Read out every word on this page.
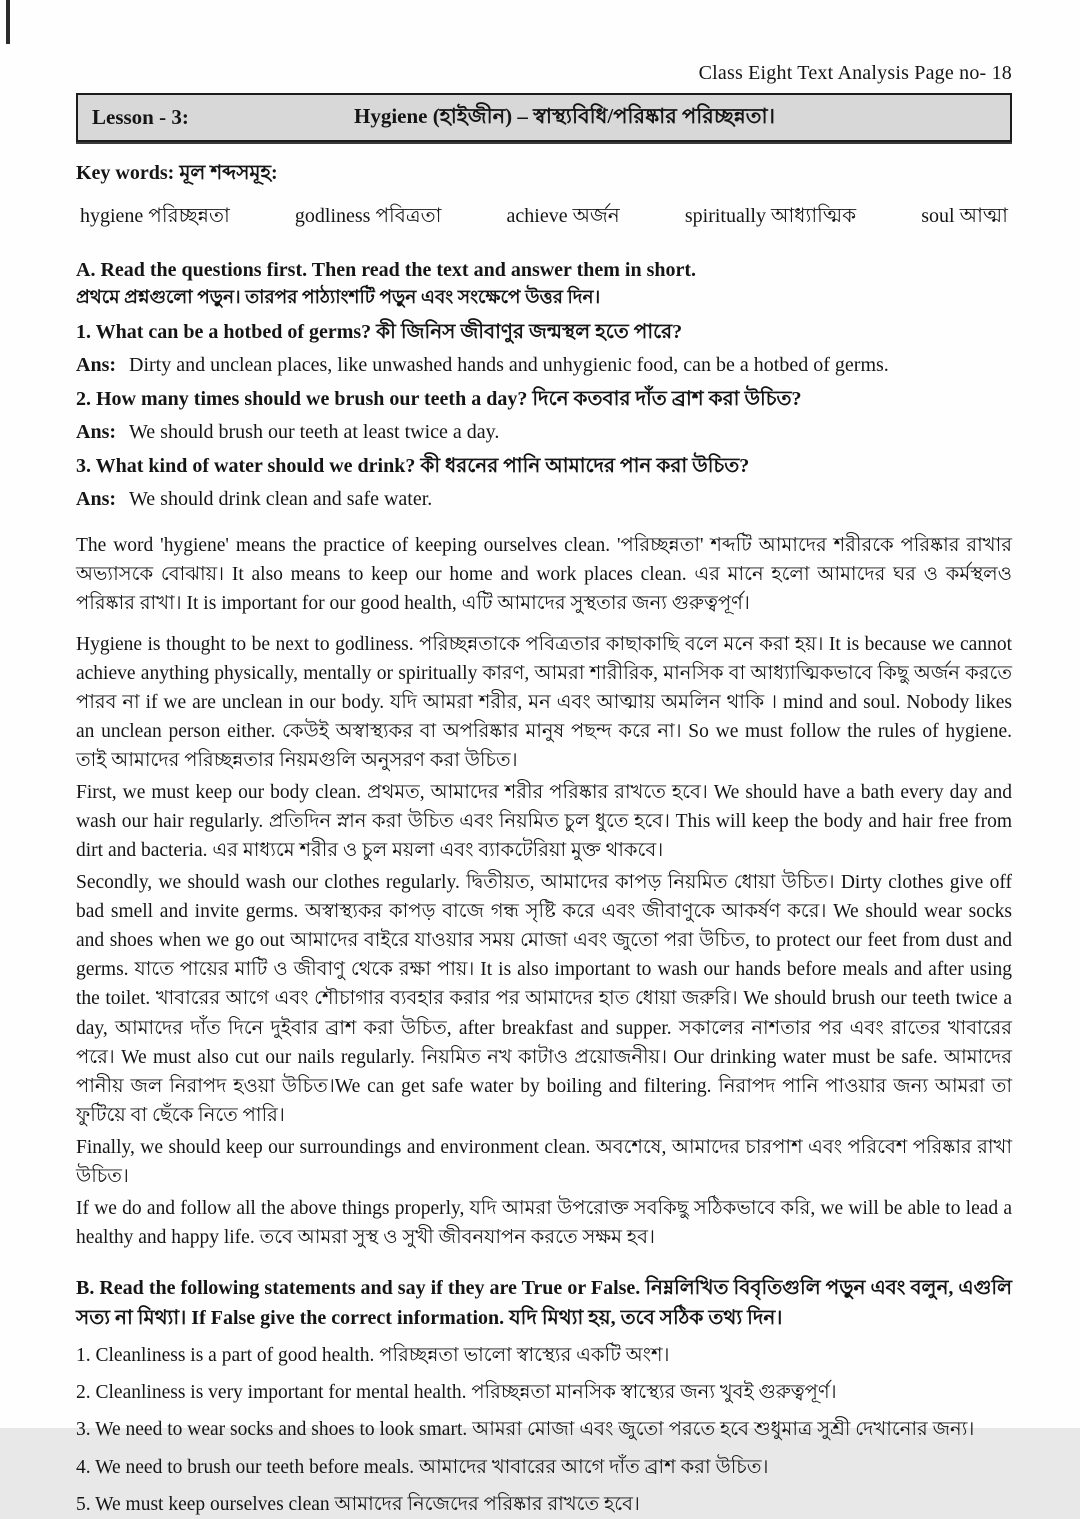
Class Eight Text Analysis Page no- 18
Lesson - 3:	Hygiene (হাইজীন) – স্বাস্থ্যবিধি/পরিষ্কার পরিচ্ছন্নতা।
Key words: মূল শব্দসমূহ:
hygiene পরিচ্ছন্নতা	godliness পবিত্রতা	achieve অর্জন	spiritually আধ্যাত্মিক	soul আত্মা
A. Read the questions first. Then read the text and answer them in short.
প্রথমে প্রশ্নগুলো পড়ুন। তারপর পাঠ্যাংশটি পড়ুন এবং সংক্ষেপে উত্তর দিন।
1. What can be a hotbed of germs? কী জিনিস জীবাণুর জন্মস্থল হতে পারে?
Ans: Dirty and unclean places, like unwashed hands and unhygienic food, can be a hotbed of germs.
2. How many times should we brush our teeth a day? দিনে কতবার দাঁত ব্রাশ করা উচিত?
Ans: We should brush our teeth at least twice a day.
3. What kind of water should we drink? কী ধরনের পানি আমাদের পান করা উচিত?
Ans: We should drink clean and safe water.

The word 'hygiene' means the practice of keeping ourselves clean. 'পরিচ্ছন্নতা' শব্দটি আমাদের শরীরকে পরিষ্কার রাখার অভ্যাসকে বোঝায়। It also means to keep our home and work places clean. এর মানে হলো আমাদের ঘর ও কর্মস্থলও পরিষ্কার রাখা। It is important for our good health, এটি আমাদের সুস্থতার জন্য গুরুত্বপূর্ণ।

Hygiene is thought to be next to godliness. পরিচ্ছন্নতাকে পবিত্রতার কাছাকাছি বলে মনে করা হয়। It is because we cannot achieve anything physically, mentally or spiritually কারণ, আমরা শারীরিক, মানসিক বা আধ্যাত্মিকভাবে কিছু অর্জন করতে পারব না if we are unclean in our body. যদি আমরা শরীর, মন এবং আত্মায় অমলিন থাকি । mind and soul. Nobody likes an unclean person either. কেউই অস্বাস্থ্যকর বা অপরিষ্কার মানুষ পছন্দ করে না। So we must follow the rules of hygiene. তাই আমাদের পরিচ্ছন্নতার নিয়মগুলি অনুসরণ করা উচিত।

First, we must keep our body clean. প্রথমত, আমাদের শরীর পরিষ্কার রাখতে হবে। We should have a bath every day and wash our hair regularly. প্রতিদিন স্নান করা উচিত এবং নিয়মিত চুল ধুতে হবে। This will keep the body and hair free from dirt and bacteria. এর মাধ্যমে শরীর ও চুল ময়লা এবং ব্যাকটেরিয়া মুক্ত থাকবে।

Secondly, we should wash our clothes regularly. দ্বিতীয়ত, আমাদের কাপড় নিয়মিত ধোয়া উচিত। Dirty clothes give off bad smell and invite germs. অস্বাস্থ্যকর কাপড় বাজে গন্ধ সৃষ্টি করে এবং জীবাণুকে আকর্ষণ করে। We should wear socks and shoes when we go out আমাদের বাইরে যাওয়ার সময় মোজা এবং জুতো পরা উচিত, to protect our feet from dust and germs. যাতে পায়ের মাটি ও জীবাণু থেকে রক্ষা পায়। It is also important to wash our hands before meals and after using the toilet. খাবারের আগে এবং শৌচাগার ব্যবহার করার পর আমাদের হাত ধোয়া জরুরি। We should brush our teeth twice a day, আমাদের দাঁত দিনে দুইবার ব্রাশ করা উচিত, after breakfast and supper. সকালের নাশতার পর এবং রাতের খাবারের পরে। We must also cut our nails regularly. নিয়মিত নখ কাটাও প্রয়োজনীয়। Our drinking water must be safe. আমাদের পানীয় জল নিরাপদ হওয়া উচিত।We can get safe water by boiling and filtering. নিরাপদ পানি পাওয়ার জন্য আমরা তা ফুটিয়ে বা ছেঁকে নিতে পারি।

Finally, we should keep our surroundings and environment clean. অবশেষে, আমাদের চারপাশ এবং পরিবেশ পরিষ্কার রাখা উচিত।

If we do and follow all the above things properly, যদি আমরা উপরোক্ত সবকিছু সঠিকভাবে করি, we will be able to lead a healthy and happy life. তবে আমরা সুস্থ ও সুখী জীবনযাপন করতে সক্ষম হব।

B. Read the following statements and say if they are True or False. নিম্নলিখিত বিবৃতিগুলি পড়ুন এবং বলুন, এগুলি সত্য না মিথ্যা। If False give the correct information. যদি মিথ্যা হয়, তবে সঠিক তথ্য দিন।
1. Cleanliness is a part of good health. পরিচ্ছন্নতা ভালো স্বাস্থ্যের একটি অংশ।
2. Cleanliness is very important for mental health. পরিচ্ছন্নতা মানসিক স্বাস্থ্যের জন্য খুবই গুরুত্বপূর্ণ।
3. We need to wear socks and shoes to look smart. আমরা মোজা এবং জুতো পরতে হবে শুধুমাত্র সুশ্রী দেখানোর জন্য।
4. We need to brush our teeth before meals. আমাদের খাবারের আগে দাঁত ব্রাশ করা উচিত।
5. We must keep ourselves clean আমাদের নিজেদের পরিষ্কার রাখতে হবে।
